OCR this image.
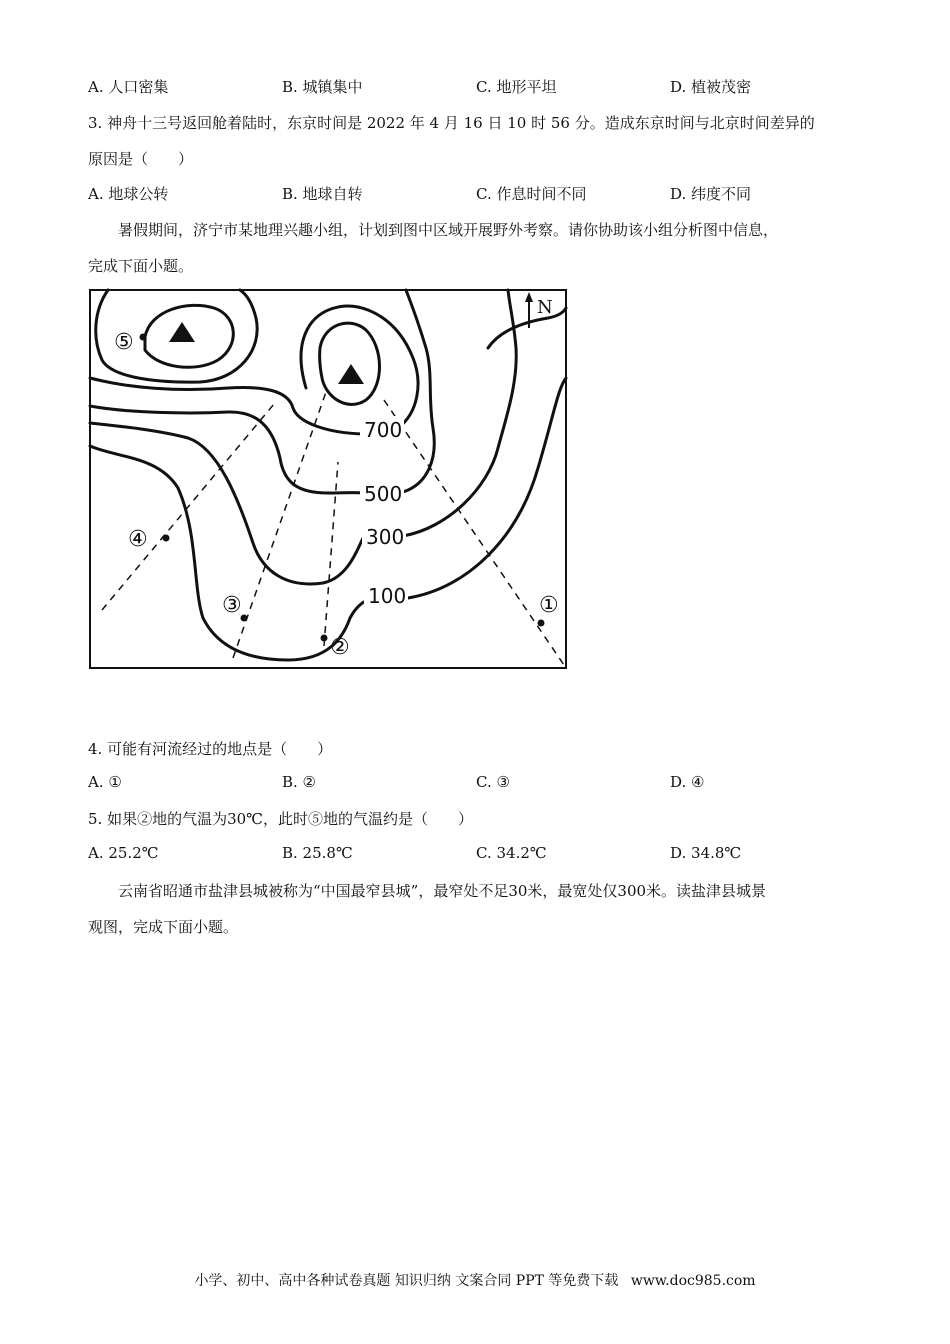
A. 人口密集	B. 城镇集中	C. 地形平坦	D. 植被茂密
3. 神舟十三号返回舱着陆时，东京时间是 2022 年 4 月 16 日 10 时 56 分。造成东京时间与北京时间差异的
原因是（　　）
A. 地球公转	B. 地球自转	C. 作息时间不同	D. 纬度不同
暑假期间，济宁市某地理兴趣小组，计划到图中区域开展野外考察。请你协助该小组分析图中信息，
完成下面小题。
700
500
300
100
⑤
④
③
②
①
N
4. 可能有河流经过的地点是（　　）
A. ①	B. ②	C. ③	D. ④
5. 如果②地的气温为30℃，此时⑤地的气温约是（　　）
A. 25.2℃	B. 25.8℃	C. 34.2℃	D. 34.8℃
云南省昭通市盐津县城被称为“中国最窄县城”，最窄处不足30米，最宽处仅300米。读盐津县城景
观图，完成下面小题。
小学、初中、高中各种试卷真题 知识归纳 文案合同 PPT 等免费下载 www.doc985.com
